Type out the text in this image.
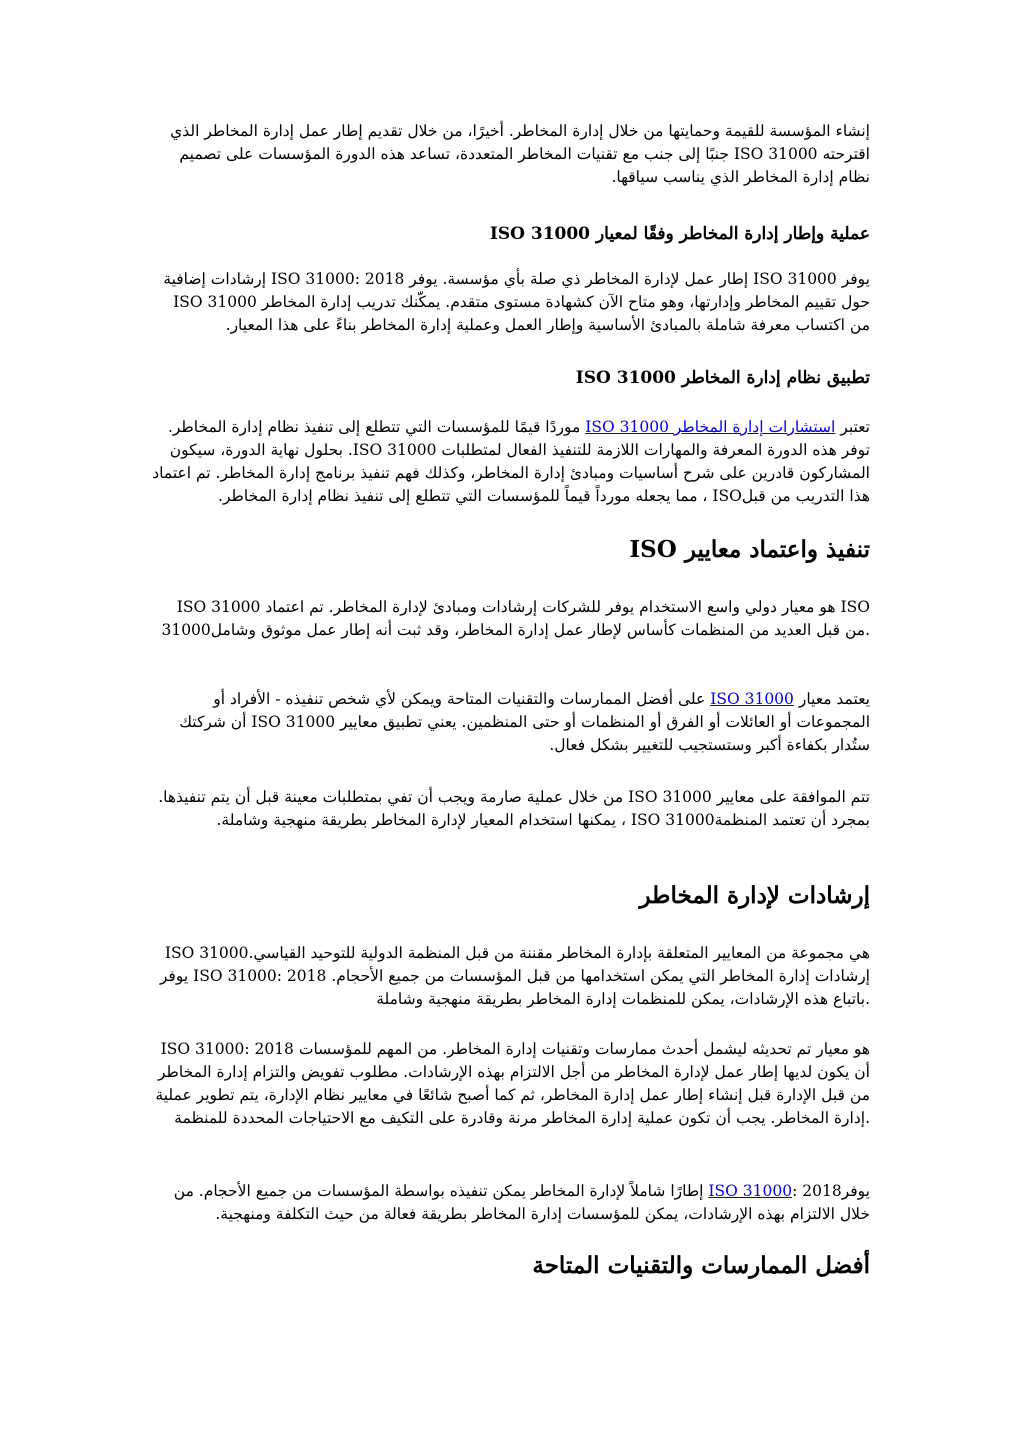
إنشاء المؤسسة للقيمة وحمايتها من خلال إدارة المخاطر. أخيرًا، من خلال تقديم إطار عمل إدارة المخاطر الذي اقترحته ISO 31000 جنبًا إلى جنب مع تقنيات المخاطر المتعددة، تساعد هذه الدورة المؤسسات على تصميم نظام إدارة المخاطر الذي يناسب سياقها.

ISO 31000 عملية وإطار إدارة المخاطر وفقًا لمعيار

يوفر ISO 31000 إطار عمل لإدارة المخاطر ذي صلة بأي مؤسسة. يوفر ISO 31000: 2018 إرشادات إضافية حول تقييم المخاطر وإدارتها، وهو متاح الآن كشهادة مستوى متقدم. يمكّنك تدريب إدارة المخاطر ISO 31000 من اكتساب معرفة شاملة بالمبادئ الأساسية وإطار العمل وعملية إدارة المخاطر بناءً على هذا المعيار.

ISO 31000 تطبيق نظام إدارة المخاطر

تعتبر استشارات إدارة المخاطر ISO 31000 موردًا قيمًا للمؤسسات التي تتطلع إلى تنفيذ نظام إدارة المخاطر. توفر هذه الدورة المعرفة والمهارات اللازمة للتنفيذ الفعال لمتطلبات ISO 31000. بحلول نهاية الدورة، سيكون المشاركون قادرين على شرح أساسيات ومبادئ إدارة المخاطر، وكذلك فهم تنفيذ برنامج إدارة المخاطر. تم اعتماد هذا التدريب من قبلISO ، مما يجعله مورداً قيماً للمؤسسات التي تتطلع إلى تنفيذ نظام إدارة المخاطر.

ISO تنفيذ واعتماد معايير

ISO 31000 هو معيار دولي واسع الاستخدام يوفر للشركات إرشادات ومبادئ لإدارة المخاطر. تم اعتماد ISO 31000من قبل العديد من المنظمات كأساس لإطار عمل إدارة المخاطر، وقد ثبت أنه إطار عمل موثوق وشامل.

يعتمد معيار ISO 31000 على أفضل الممارسات والتقنيات المتاحة ويمكن لأي شخص تنفيذه - الأفراد أو المجموعات أو العائلات أو الفرق أو المنظمات أو حتى المنظمين. يعني تطبيق معايير ISO 31000 أن شركتك ستُدار بكفاءة أكبر وستستجيب للتغيير بشكل فعال.

تتم الموافقة على معايير ISO 31000 من خلال عملية صارمة ويجب أن تفي بمتطلبات معينة قبل أن يتم تنفيذها. بمجرد أن تعتمد المنظمةISO 31000 ، يمكنها استخدام المعيار لإدارة المخاطر بطريقة منهجية وشاملة.

إرشادات لإدارة المخاطر

ISO 31000هي مجموعة من المعايير المتعلقة بإدارة المخاطر مقننة من قبل المنظمة الدولية للتوحيد القياسي. يوفر ISO 31000: 2018 إرشادات إدارة المخاطر التي يمكن استخدامها من قبل المؤسسات من جميع الأحجام. باتباع هذه الإرشادات، يمكن للمنظمات إدارة المخاطر بطريقة منهجية وشاملة.

ISO 31000: 2018 هو معيار تم تحديثه ليشمل أحدث ممارسات وتقنيات إدارة المخاطر. من المهم للمؤسسات أن يكون لديها إطار عمل لإدارة المخاطر من أجل الالتزام بهذه الإرشادات. مطلوب تفويض والتزام إدارة المخاطر من قبل الإدارة قبل إنشاء إطار عمل إدارة المخاطر، ثم كما أصبح شائعًا في معايير نظام الإدارة، يتم تطوير عملية إدارة المخاطر. يجب أن تكون عملية إدارة المخاطر مرنة وقادرة على التكيف مع الاحتياجات المحددة للمنظمة.

يوفرISO 31000: 2018 إطارًا شاملاً لإدارة المخاطر يمكن تنفيذه بواسطة المؤسسات من جميع الأحجام. من خلال الالتزام بهذه الإرشادات، يمكن للمؤسسات إدارة المخاطر بطريقة فعالة من حيث التكلفة ومنهجية.

أفضل الممارسات والتقنيات المتاحة
